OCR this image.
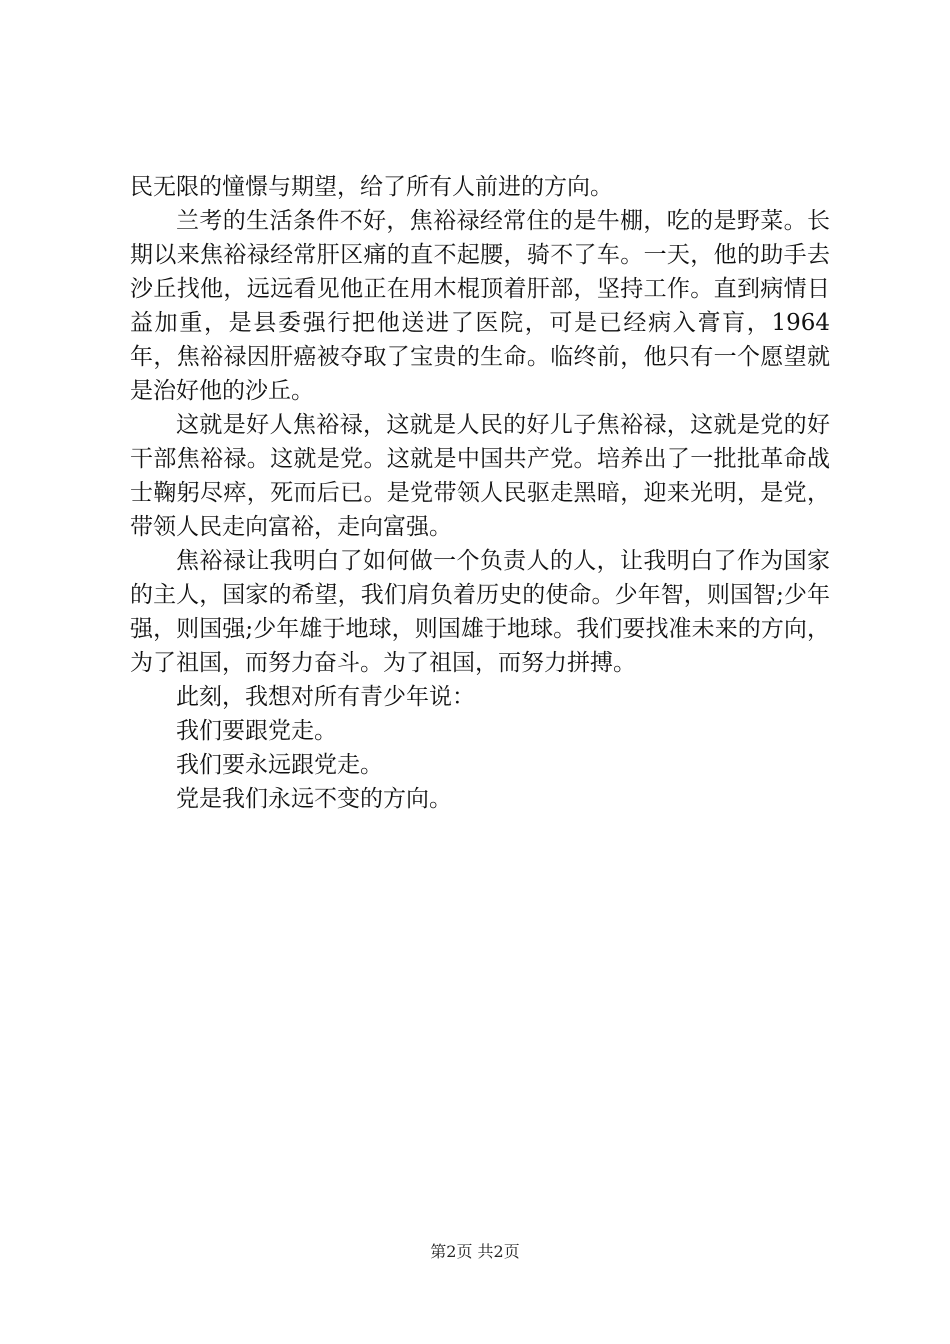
民无限的憧憬与期望，给了所有人前进的方向。

兰考的生活条件不好，焦裕禄经常住的是牛棚，吃的是野菜。长期以来焦裕禄经常肝区痛的直不起腰，骑不了车。一天，他的助手去沙丘找他，远远看见他正在用木棍顶着肝部，坚持工作。直到病情日益加重，是县委强行把他送进了医院，可是已经病入膏肓，1964年，焦裕禄因肝癌被夺取了宝贵的生命。临终前，他只有一个愿望就是治好他的沙丘。

这就是好人焦裕禄，这就是人民的好儿子焦裕禄，这就是党的好干部焦裕禄。这就是党。这就是中国共产党。培养出了一批批革命战士鞠躬尽瘁，死而后已。是党带领人民驱走黑暗，迎来光明，是党，带领人民走向富裕，走向富强。

焦裕禄让我明白了如何做一个负责人的人，让我明白了作为国家的主人，国家的希望，我们肩负着历史的使命。少年智，则国智;少年强，则国强;少年雄于地球，则国雄于地球。我们要找准未来的方向，为了祖国，而努力奋斗。为了祖国，而努力拼搏。

此刻，我想对所有青少年说：

我们要跟党走。

我们要永远跟党走。

党是我们永远不变的方向。

第2页 共2页
